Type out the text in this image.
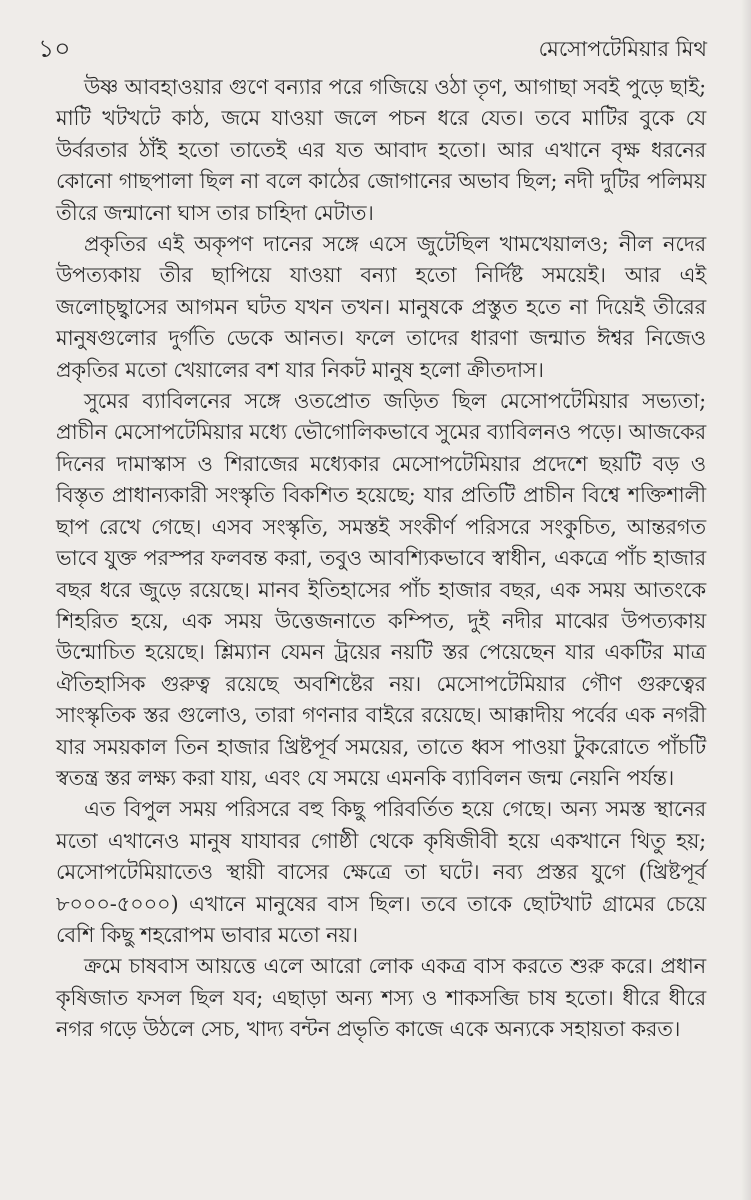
১০	মেসোপটেমিয়ার মিথ

উষ্ণ আবহাওয়ার গুণে বন্যার পরে গজিয়ে ওঠা তৃণ, আগাছা সবই পুড়ে ছাই; মাটি খটখটে কাঠ, জমে যাওয়া জলে পচন ধরে যেত। তবে মাটির বুকে যে উর্বরতার ঠাঁই হতো তাতেই এর যত আবাদ হতো। আর এখানে বৃক্ষ ধরনের কোনো গাছপালা ছিল না বলে কাঠের জোগানের অভাব ছিল; নদী দুটির পলিময় তীরে জন্মানো ঘাস তার চাহিদা মেটাত।

প্রকৃতির এই অকৃপণ দানের সঙ্গে এসে জুটেছিল খামখেয়ালও; নীল নদের উপত্যকায় তীর ছাপিয়ে যাওয়া বন্যা হতো নির্দিষ্ট সময়েই। আর এই জলোচ্ছ্বাসের আগমন ঘটত যখন তখন। মানুষকে প্রস্তুত হতে না দিয়েই তীরের মানুষগুলোর দুর্গতি ডেকে আনত। ফলে তাদের ধারণা জন্মাত ঈশ্বর নিজেও প্রকৃতির মতো খেয়ালের বশ যার নিকট মানুষ হলো ক্রীতদাস।

সুমের ব্যাবিলনের সঙ্গে ওতপ্রোত জড়িত ছিল মেসোপটেমিয়ার সভ্যতা; প্রাচীন মেসোপটেমিয়ার মধ্যে ভৌগোলিকভাবে সুমের ব্যাবিলনও পড়ে। আজকের দিনের দামাস্কাস ও শিরাজের মধ্যেকার মেসোপটেমিয়ার প্রদেশে ছয়টি বড় ও বিস্তৃত প্রাধান্যকারী সংস্কৃতি বিকশিত হয়েছে; যার প্রতিটি প্রাচীন বিশ্বে শক্তিশালী ছাপ রেখে গেছে। এসব সংস্কৃতি, সমস্তই সংকীর্ণ পরিসরে সংকুচিত, আন্তরগত ভাবে যুক্ত পরস্পর ফলবন্ত করা, তবুও আবশ্যিকভাবে স্বাধীন, একত্রে পাঁচ হাজার বছর ধরে জুড়ে রয়েছে। মানব ইতিহাসের পাঁচ হাজার বছর, এক সময় আতংকে শিহরিত হয়ে, এক সময় উত্তেজনাতে কম্পিত, দুই নদীর মাঝের উপত্যকায় উন্মোচিত হয়েছে। শ্লিম্যান যেমন ট্রয়ের নয়টি স্তর পেয়েছেন যার একটির মাত্র ঐতিহাসিক গুরুত্ব রয়েছে অবশিষ্টের নয়। মেসোপটেমিয়ার গৌণ গুরুত্বের সাংস্কৃতিক স্তর গুলোও, তারা গণনার বাইরে রয়েছে। আক্কাদীয় পর্বের এক নগরী যার সময়কাল তিন হাজার খ্রিষ্টপূর্ব সময়ের, তাতে ধ্বস পাওয়া টুকরোতে পাঁচটি স্বতন্ত্র স্তর লক্ষ্য করা যায়, এবং যে সময়ে এমনকি ব্যাবিলন জন্ম নেয়নি পর্যন্ত।

এত বিপুল সময় পরিসরে বহু কিছু পরিবর্তিত হয়ে গেছে। অন্য সমস্ত স্থানের মতো এখানেও মানুষ যাযাবর গোষ্ঠী থেকে কৃষিজীবী হয়ে একখানে থিতু হয়; মেসোপটেমিয়াতেও স্থায়ী বাসের ক্ষেত্রে তা ঘটে। নব্য প্রস্তর যুগে (খ্রিষ্টপূর্ব ৮০০০-৫০০০) এখানে মানুষের বাস ছিল। তবে তাকে ছোটখাট গ্রামের চেয়ে বেশি কিছু শহরোপম ভাবার মতো নয়।

ক্রমে চাষবাস আয়ত্তে এলে আরো লোক একত্র বাস করতে শুরু করে। প্রধান কৃষিজাত ফসল ছিল যব; এছাড়া অন্য শস্য ও শাকসব্জি চাষ হতো। ধীরে ধীরে নগর গড়ে উঠলে সেচ, খাদ্য বন্টন প্রভৃতি কাজে একে অন্যকে সহায়তা করত।
